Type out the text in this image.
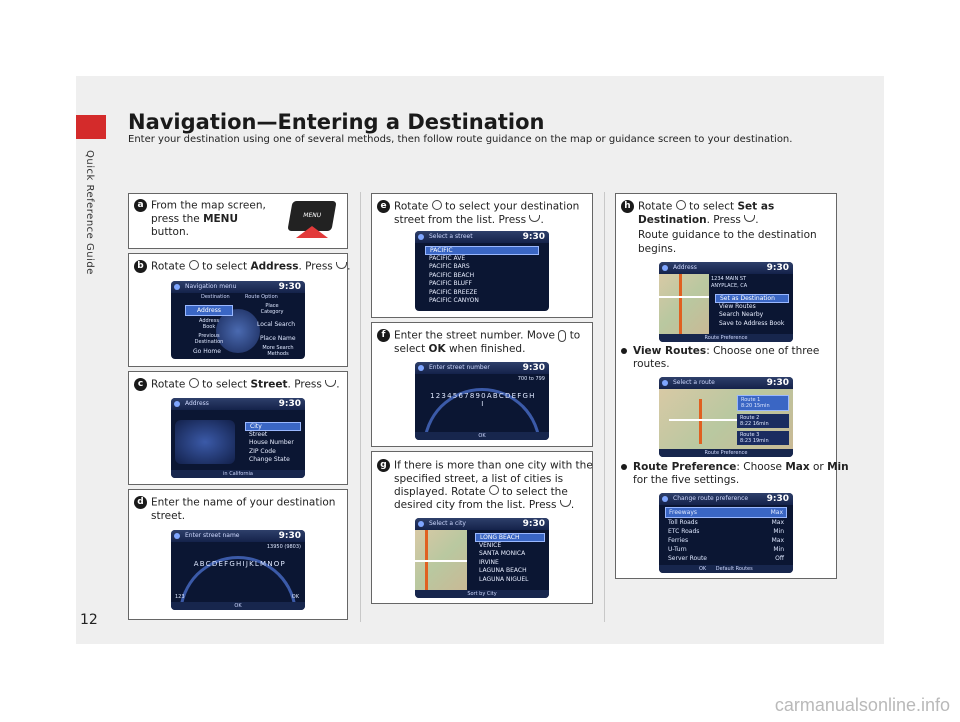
Quick Reference Guide
12
carmanualsonline.info
Navigation—Entering a Destination
Enter your destination using one of several methods, then follow route guidance on the map or guidance screen to your destination.
a From the map screen,
press the MENU
button.
MENU
b Rotate to select Address. Press .
Navigation menu	9:30
Destination	Route Option
Address
Place Category
Address Book	Local Search
Previous Destination	Place Name
Go Home	More Search Methods
c Rotate to select Street. Press .
Address	9:30
City
Street
House Number
ZIP Code
Change State
in California
d Enter the name of your destination
street.
Enter street name	9:30
13950 (9803)
A B C D E F G H I J K L M N O P
123	OK
OK
e Rotate to select your destination
street from the list. Press .
Select a street	9:30
PACIFIC
PACIFIC AVE
PACIFIC BARS
PACIFIC BEACH
PACIFIC BLUFF
PACIFIC BREEZE
PACIFIC CANYON
f Enter the street number. Move to
select OK when finished.
Enter street number	9:30
700 to 799
1 2 3 4 5 6 7 8 9 0 A B C D E F G H I
OK
g If there is more than one city with the
specified street, a list of cities is
displayed. Rotate to select the
desired city from the list. Press .
Select a city	9:30
LONG BEACH
VENICE
SANTA MONICA
IRVINE
LAGUNA BEACH
LAGUNA NIGUEL
Sort by City
h Rotate to select Set as
Destination. Press .
Route guidance to the destination
begins.
Address	9:30
1234 MAIN ST
ANYPLACE, CA
Set as Destination
View Routes
Search Nearby
Save to Address Book
Route Preference
View Routes: Choose one of three
routes.
Select a route	9:30
Route 1
8:20 15min
Route 2
8:22 16min
Route 3
8:23 19min
Route Preference
Route Preference: Choose Max or Min
for the five settings.
Change route preference 9:30
Freeways	Max
Toll Roads	Max
ETC Roads	Min
Ferries	Max
U-Turn	Min
Server Route	Off
OK Default Routes
